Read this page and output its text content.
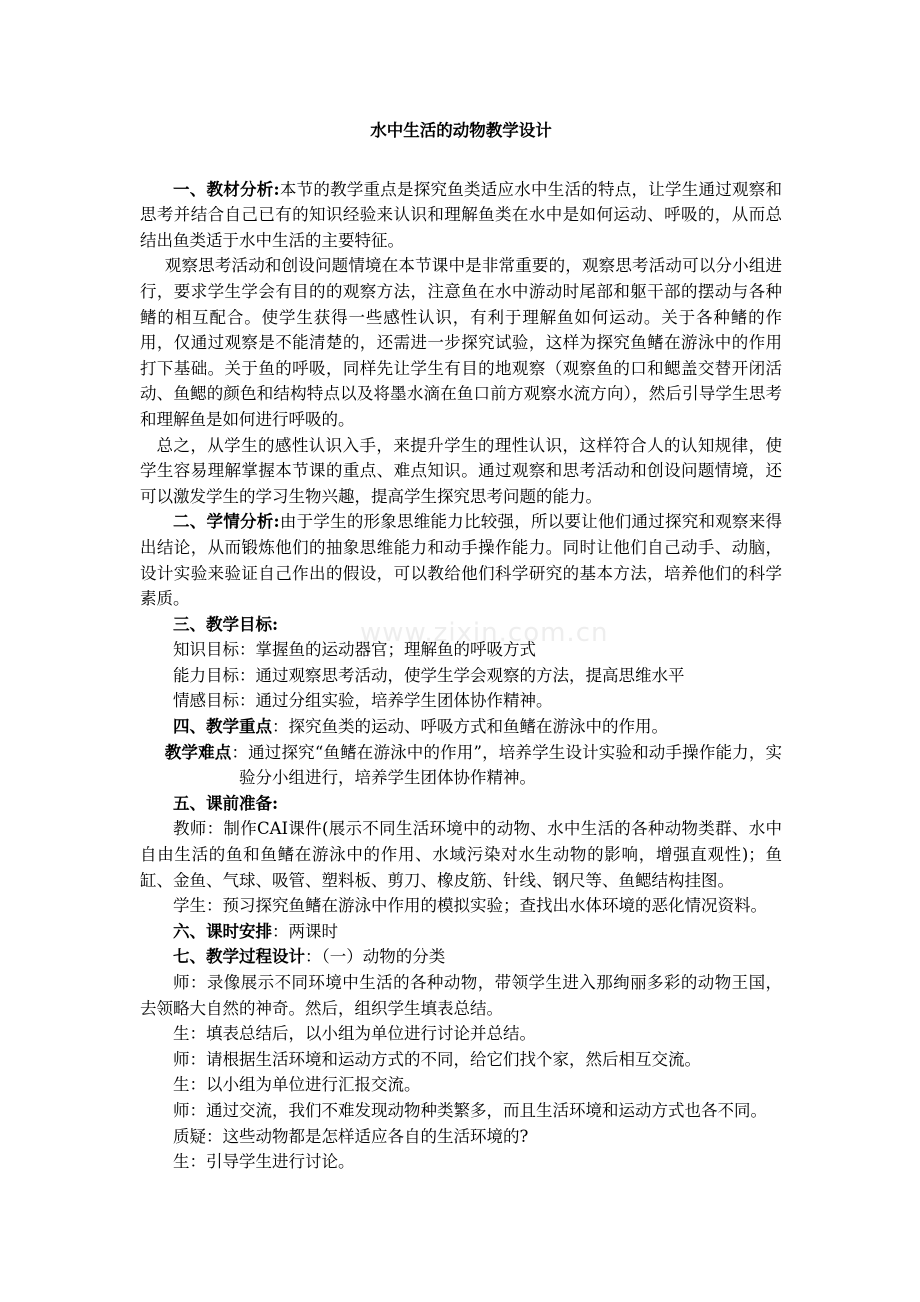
www.zixin.com.cn
水中生活的动物教学设计

一、教材分析:本节的教学重点是探究鱼类适应水中生活的特点，让学生通过观察和思考并结合自己已有的知识经验来认识和理解鱼类在水中是如何运动、呼吸的，从而总结出鱼类适于水中生活的主要特征。

观察思考活动和创设问题情境在本节课中是非常重要的，观察思考活动可以分小组进行，要求学生学会有目的的观察方法，注意鱼在水中游动时尾部和躯干部的摆动与各种鳍的相互配合。使学生获得一些感性认识，有利于理解鱼如何运动。关于各种鳍的作用，仅通过观察是不能清楚的，还需进一步探究试验，这样为探究鱼鳍在游泳中的作用打下基础。关于鱼的呼吸，同样先让学生有目的地观察（观察鱼的口和鳃盖交替开闭活动、鱼鳃的颜色和结构特点以及将墨水滴在鱼口前方观察水流方向），然后引导学生思考和理解鱼是如何进行呼吸的。

总之，从学生的感性认识入手，来提升学生的理性认识，这样符合人的认知规律，使学生容易理解掌握本节课的重点、难点知识。通过观察和思考活动和创设问题情境，还可以激发学生的学习生物兴趣，提高学生探究思考问题的能力。

二、学情分析:由于学生的形象思维能力比较强，所以要让他们通过探究和观察来得出结论，从而锻炼他们的抽象思维能力和动手操作能力。同时让他们自己动手、动脑，设计实验来验证自己作出的假设，可以教给他们科学研究的基本方法，培养他们的科学素质。

三、教学目标:

知识目标：掌握鱼的运动器官；理解鱼的呼吸方式

能力目标：通过观察思考活动，使学生学会观察的方法，提高思维水平

情感目标：通过分组实验，培养学生团体协作精神。

四、教学重点：探究鱼类的运动、呼吸方式和鱼鳍在游泳中的作用。

教学难点：通过探究“鱼鳍在游泳中的作用”，培养学生设计实验和动手操作能力，实验分小组进行，培养学生团体协作精神。

五、课前准备:

教师：制作CAI课件(展示不同生活环境中的动物、水中生活的各种动物类群、水中自由生活的鱼和鱼鳍在游泳中的作用、水域污染对水生动物的影响，增强直观性)；鱼缸、金鱼、气球、吸管、塑料板、剪刀、橡皮筋、针线、钢尺等、鱼鳃结构挂图。

学生：预习探究鱼鳍在游泳中作用的模拟实验；查找出水体环境的恶化情况资料。

六、课时安排：两课时

七、教学过程设计：（一）动物的分类

师：录像展示不同环境中生活的各种动物，带领学生进入那绚丽多彩的动物王国，去领略大自然的神奇。然后，组织学生填表总结。

生：填表总结后，以小组为单位进行讨论并总结。

师：请根据生活环境和运动方式的不同，给它们找个家，然后相互交流。

生：以小组为单位进行汇报交流。

师：通过交流，我们不难发现动物种类繁多，而且生活环境和运动方式也各不同。

质疑：这些动物都是怎样适应各自的生活环境的?

生：引导学生进行讨论。
